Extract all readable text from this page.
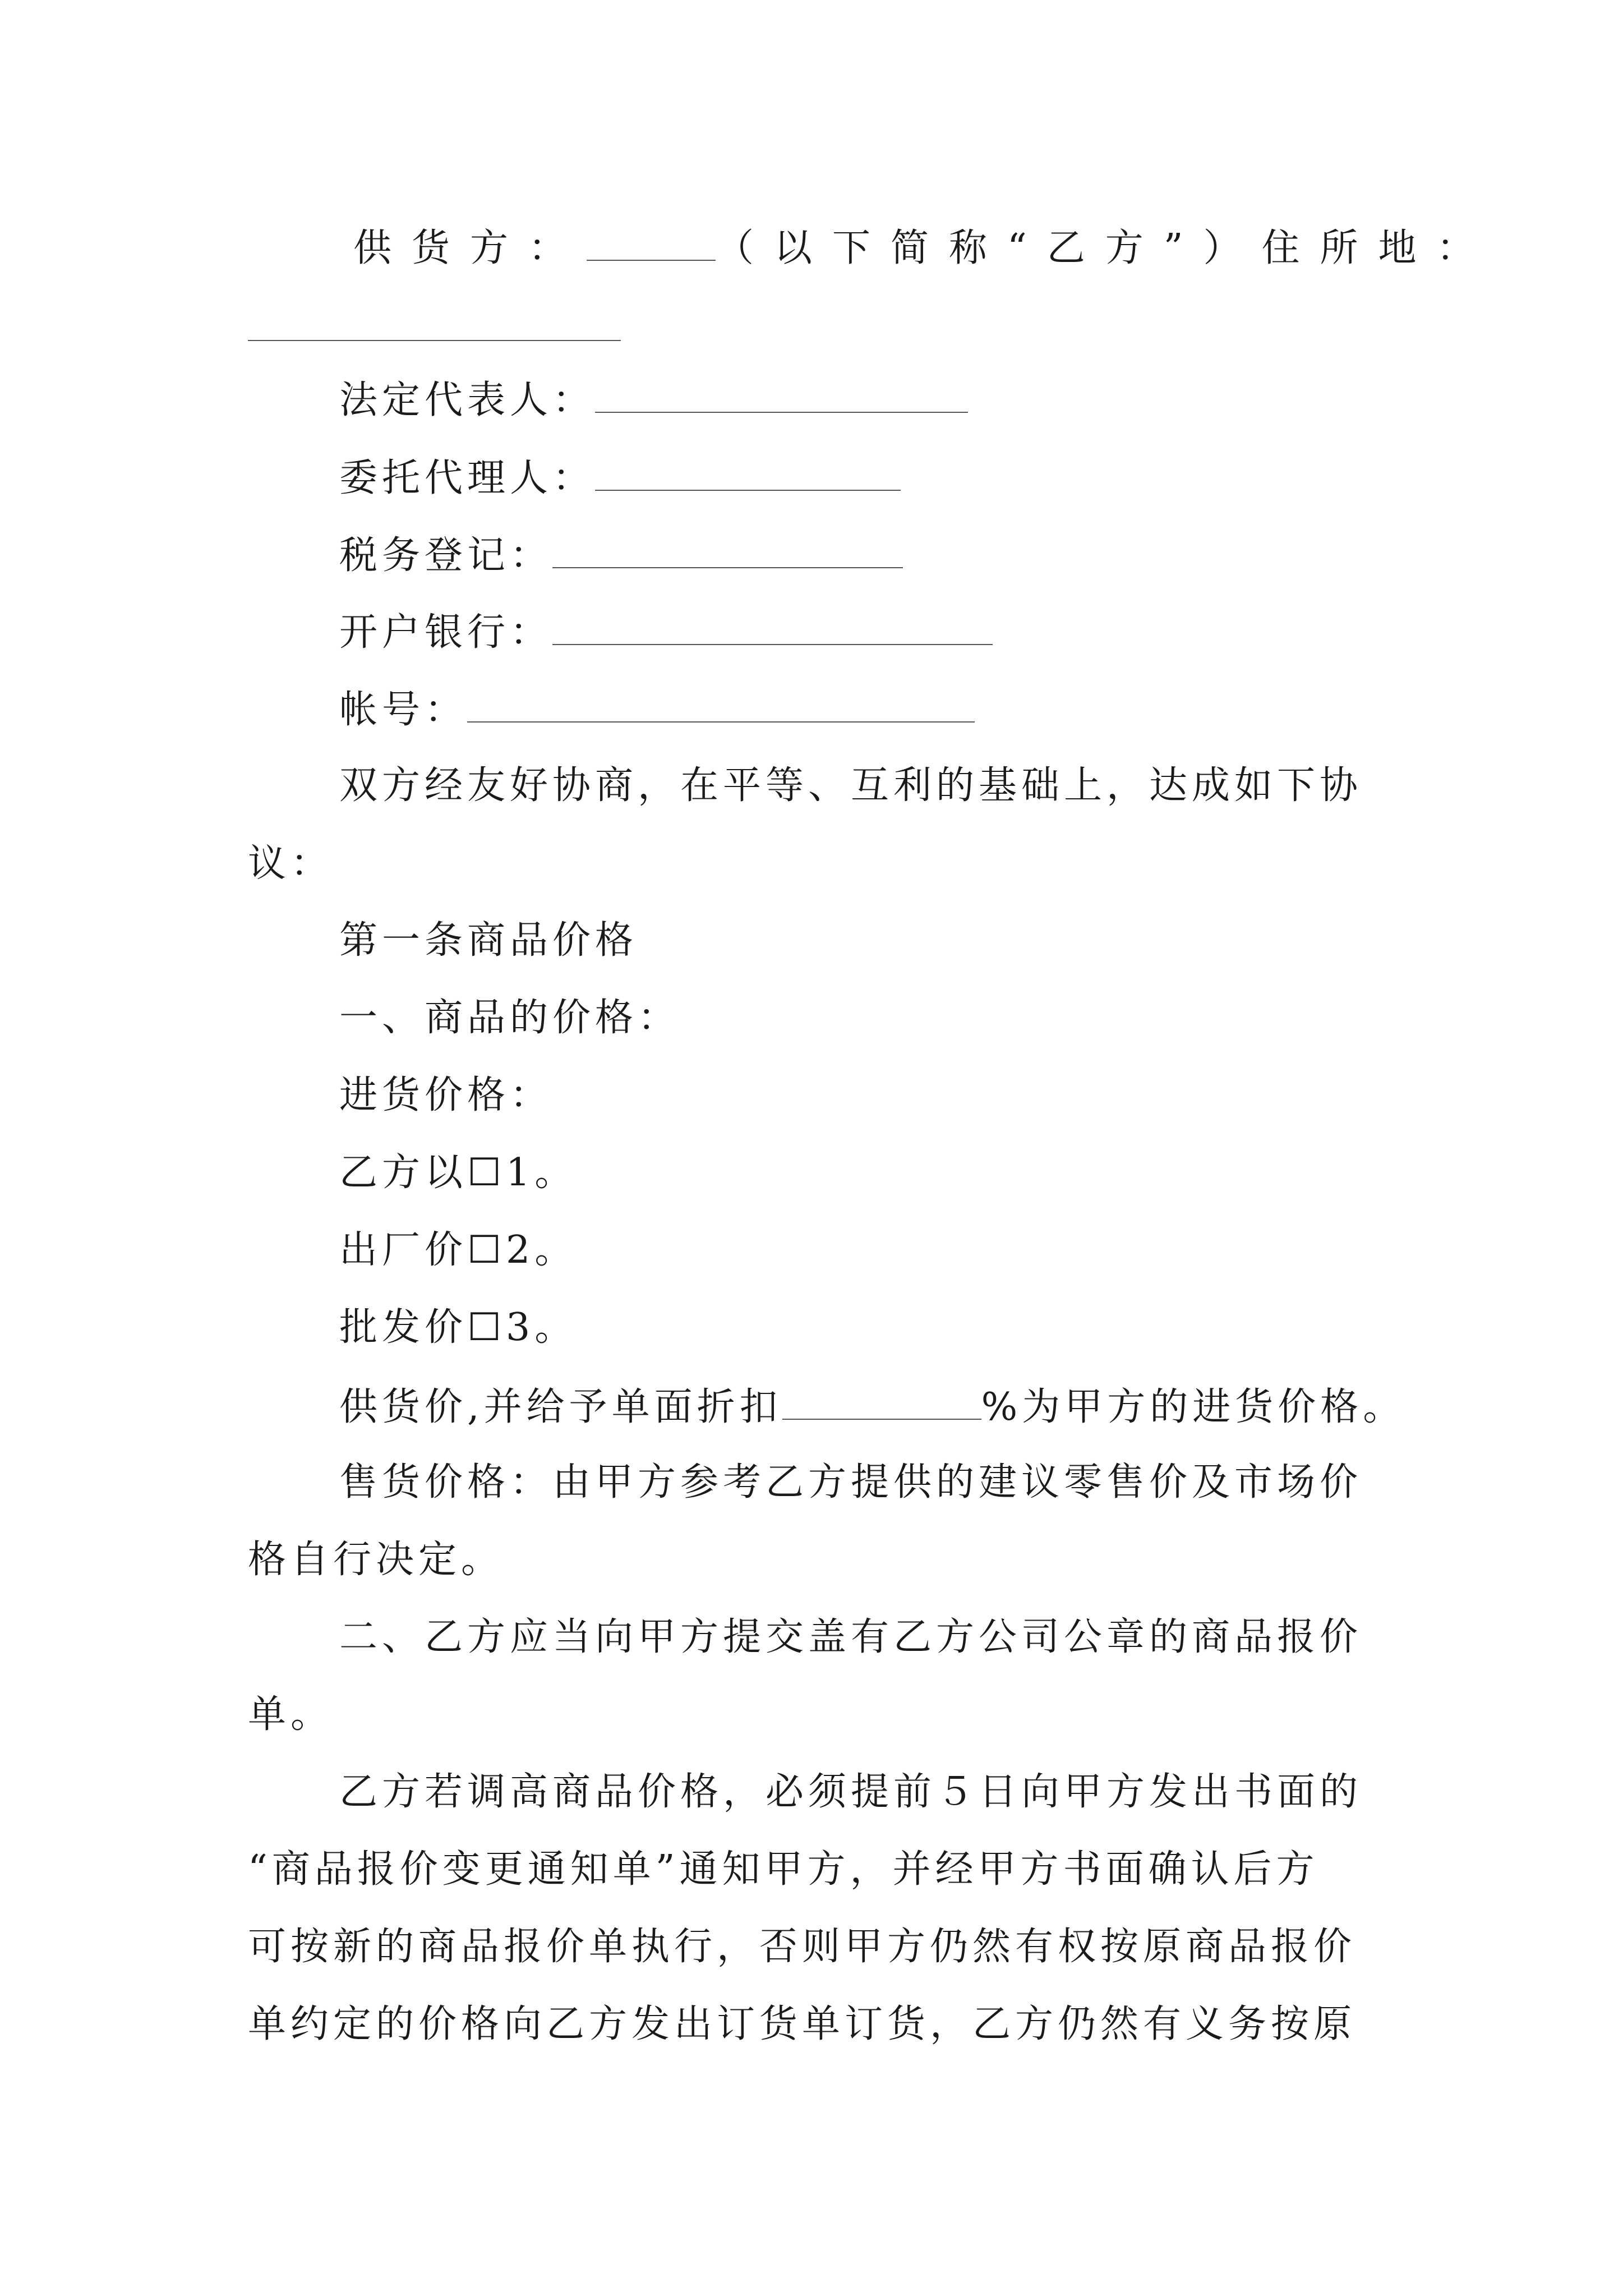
供货方：	（以下简称“乙方”）住所地：
法定代表人：
委托代理人：
税务登记：
开户银行：
帐号：
双方经友好协商，在平等、互利的基础上，达成如下协
议：
第一条商品价格
一、商品的价格：
进货价格：
乙方以☐1。
出厂价☐2。
批发价☐3。
供货价,并给予单面折扣	%为甲方的进货价格。
售货价格：由甲方参考乙方提供的建议零售价及市场价
格自行决定。
二、乙方应当向甲方提交盖有乙方公司公章的商品报价
单。
乙方若调高商品价格，必须提前５日向甲方发出书面的
“商品报价变更通知单”通知甲方，并经甲方书面确认后方
可按新的商品报价单执行，否则甲方仍然有权按原商品报价
单约定的价格向乙方发出订货单订货，乙方仍然有义务按原
